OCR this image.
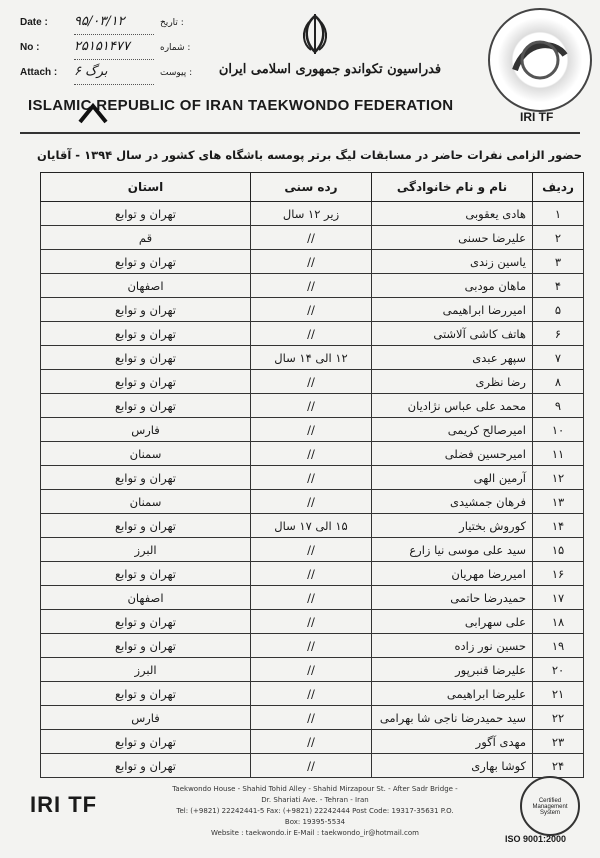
Date :	۹۵/۰۳/۱۲	تاریخ :
No :	۲۵۱۵۱۴۷۷	شماره :
Attach :	۶ برگ	پیوست :	فدراسیون تکواندو جمهوری اسلامی ایران
ISLAMIC REPUBLIC OF IRAN TAEKWONDO FEDERATION
IRI TF
حضور الزامی نفرات حاضر در مسابقات لیگ برتر پومسه باشگاه های کشور در سال ۱۳۹۴ - آقایان
ردیف	نام و نام خانوادگی	رده سنی	استان
۱	هادی یعقوبی	زیر ۱۲ سال	تهران و توابع
۲	علیرضا حسنی	//	قم
۳	یاسین زندی	//	تهران و توابع
۴	ماهان مودبی	//	اصفهان
۵	امیررضا ابراهیمی	//	تهران و توابع
۶	هاتف کاشی آلاشتی	//	تهران و توابع
۷	سپهر عبدی	۱۲ الی ۱۴ سال	تهران و توابع
۸	رضا نظری	//	تهران و توابع
۹	محمد علی عباس نژادیان	//	تهران و توابع
۱۰	امیرصالح کریمی	//	فارس
۱۱	امیرحسین فضلی	//	سمنان
۱۲	آرمین الهی	//	تهران و توابع
۱۳	فرهان جمشیدی	//	سمنان
۱۴	کوروش بختیار	۱۵ الی ۱۷ سال	تهران و توابع
۱۵	سید علی موسی نیا زارع	//	البرز
۱۶	امیررضا مهریان	//	تهران و توابع
۱۷	حمیدرضا حاتمی	//	اصفهان
۱۸	علی سهرابی	//	تهران و توابع
۱۹	حسین نور زاده	//	تهران و توابع
۲۰	علیرضا قنبرپور	//	البرز
۲۱	علیرضا ابراهیمی	//	تهران و توابع
۲۲	سید حمیدرضا ناجی شا بهرامی	//	فارس
۲۳	مهدی آگور	//	تهران و توابع
۲۴	کوشا بهاری	//	تهران و توابع
IRI TF
Taekwondo House - Shahid Tohid Alley - Shahid Mirzapour St. - After Sadr Bridge - Dr. Shariati Ave. - Tehran - Iran
Tel: (+9821) 22242441-5 Fax: (+9821) 22242444 Post Code: 19317-35631 P.O. Box: 19395-5534
Website : taekwondo.ir E-Mail : taekwondo_ir@hotmail.com
Certified Management System
ISO 9001:2000
